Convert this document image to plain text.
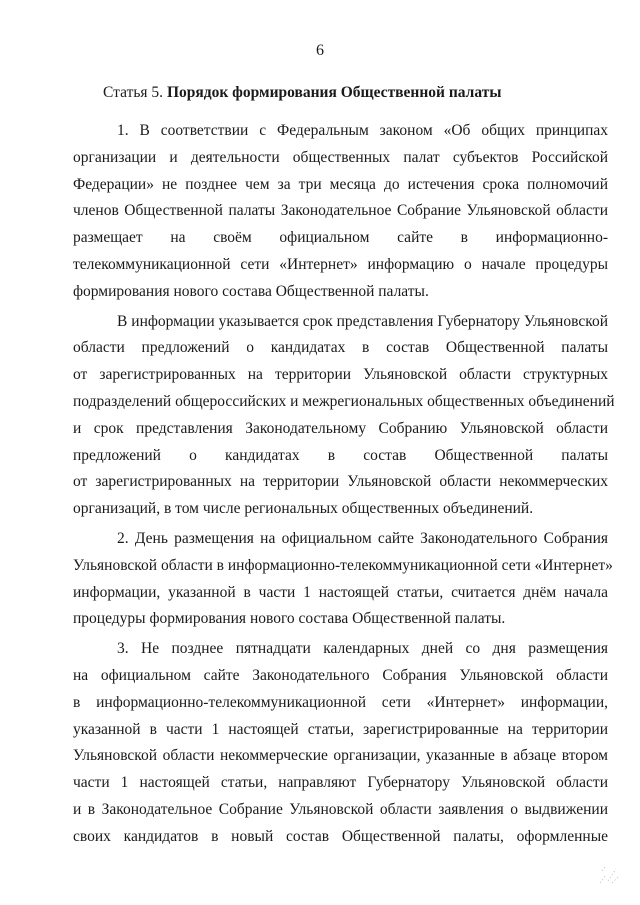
6
Статья 5. Порядок формирования Общественной палаты
1. В соответствии с Федеральным законом «Об общих принципах
организации и деятельности общественных палат субъектов Российской
Федерации» не позднее чем за три месяца до истечения срока полномочий
членов Общественной палаты Законодательное Собрание Ульяновской области
размещает на своём официальном сайте в информационно-
телекоммуникационной сети «Интернет» информацию о начале процедуры
формирования нового состава Общественной палаты.
В информации указывается срок представления Губернатору Ульяновской
области предложений о кандидатах в состав Общественной палаты
от зарегистрированных на территории Ульяновской области структурных
подразделений общероссийских и межрегиональных общественных объединений
и срок представления Законодательному Собранию Ульяновской области
предложений о кандидатах в состав Общественной палаты
от зарегистрированных на территории Ульяновской области некоммерческих
организаций, в том числе региональных общественных объединений.
2. День размещения на официальном сайте Законодательного Собрания
Ульяновской области в информационно-телекоммуникационной сети «Интернет»
информации, указанной в части 1 настоящей статьи, считается днём начала
процедуры формирования нового состава Общественной палаты.
3. Не позднее пятнадцати календарных дней со дня размещения
на официальном сайте Законодательного Собрания Ульяновской области
в информационно-телекоммуникационной сети «Интернет» информации,
указанной в части 1 настоящей статьи, зарегистрированные на территории
Ульяновской области некоммерческие организации, указанные в абзаце втором
части 1 настоящей статьи, направляют Губернатору Ульяновской области
и в Законодательное Собрание Ульяновской области заявления о выдвижении
своих кандидатов в новый состав Общественной палаты, оформленные
